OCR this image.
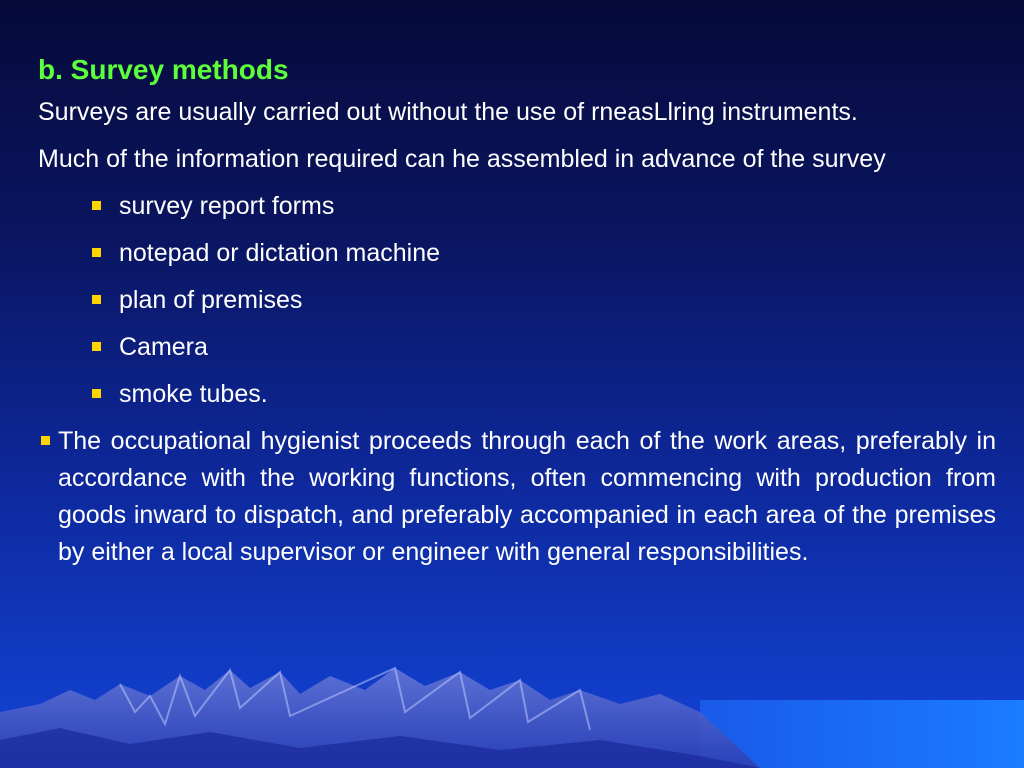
b. Survey methods

Surveys are usually carried out without the use of rneasLlring instruments.

Much of the information required can he assembled in advance of the survey

survey report forms
notepad or dictation machine
plan of premises
Camera
smoke tubes.
The occupational hygienist proceeds through each of the work areas, preferably in accordance with the working functions, often commencing with production from goods inward to dispatch, and preferably accompanied in each area of the premises by either a local supervisor or engineer with general responsibilities.
